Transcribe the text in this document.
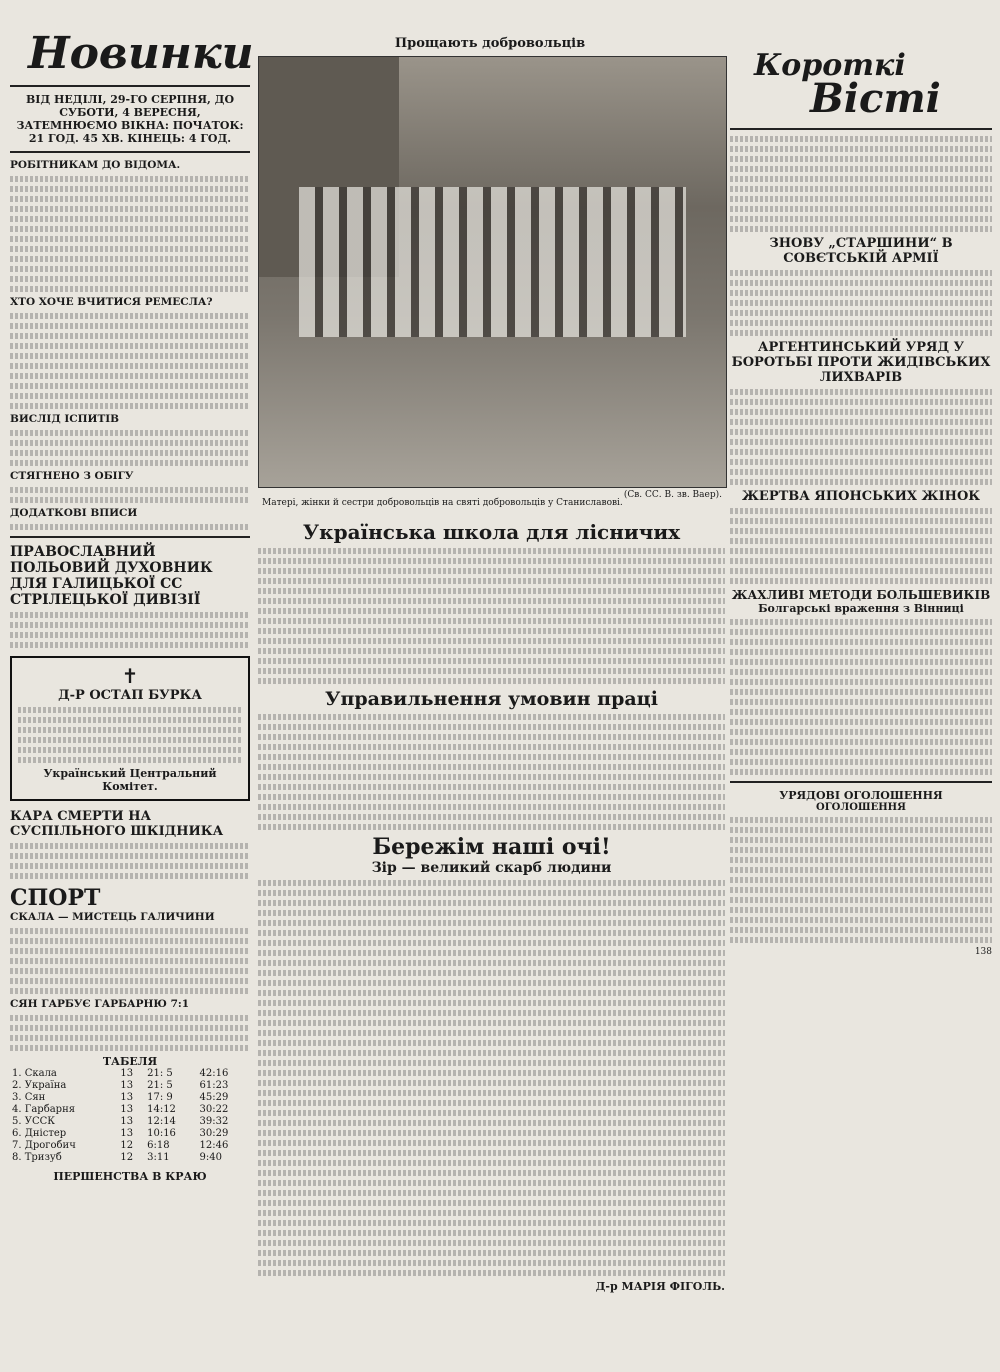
Новинки

ВІД НЕДІЛІ, 29-ГО СЕРПНЯ, ДО СУБОТИ, 4 ВЕРЕСНЯ, ЗАТЕМНЮЄМО ВІКНА: ПОЧАТОК: 21 ГОД. 45 ХВ. КІНЕЦЬ: 4 ГОД.

РОБІТНИКАМ ДО ВІДОМА.

ХТО ХОЧЕ ВЧИТИСЯ РЕМЕСЛА?

ВИСЛІД ІСПИТІВ

СТЯГНЕНО З ОБІГУ

ДОДАТКОВІ ВПИСИ

ПРАВОСЛАВНИЙ ПОЛЬОВИЙ ДУХОВНИК ДЛЯ ГАЛИЦЬКОЇ СС СТРІЛЕЦЬКОЇ ДИВІЗІЇ

✝
Д-Р ОСТАП БУРКА
Український Центральний Комітет.

КАРА СМЕРТИ НА СУСПІЛЬНОГО ШКІДНИКА

СПОРТ

СКАЛА — МИСТЕЦЬ ГАЛИЧИНИ

СЯН ГАРБУЄ ГАРБАРНЮ 7:1

ТАБЕЛЯ
1. Скала	13	21: 5	42:16
2. Україна	13	21: 5	61:23
3. Сян	13	17: 9	45:29
4. Гарбарня	13	14:12	30:22
5. УССК	13	12:14	39:32
6. Дністер	13	10:16	30:29
7. Дрогобич	12	6:18	12:46
8. Тризуб	12	3:11	9:40
ПЕРШЕНСТВА В КРАЮ
Прощають добровольців
Матері, жінки й сестри добровольців на святі добровольців у Станиславові.
(Св. СС. В. зв. Ваер).
Українська школа для лісничих
Управильнення умовин праці
Бережім наші очі!
Зір — великий скарб людини
Д-р МАРІЯ ФІГОЛЬ.
Короткі
Вісті

ЗНОВУ „СТАРШИНИ“ В СОВЄТСЬКІЙ АРМІЇ

АРГЕНТИНСЬКИЙ УРЯД У БОРОТЬБІ ПРОТИ ЖИДІВСЬКИХ ЛИХВАРІВ

ЖЕРТВА ЯПОНСЬКИХ ЖІНОК

ЖАХЛИВІ МЕТОДИ БОЛЬШЕВИКІВ

Болгарські враження з Вінниці
УРЯДОВІ ОГОЛОШЕННЯ
ОГОЛОШЕННЯ
138
